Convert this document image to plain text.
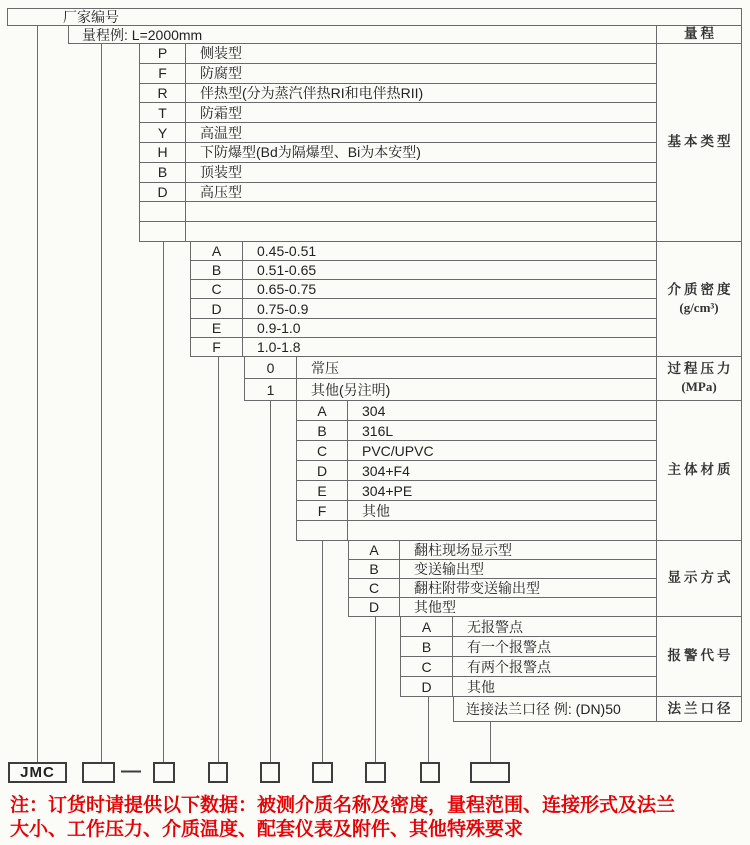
厂家编号
量程例: L=2000mm	量程
P	侧装型
F	防腐型
R	伴热型(分为蒸汽伴热RI和电伴热RII)
T	防霜型
Y	高温型
H	下防爆型(Bd为隔爆型、Bi为本安型)
B	顶装型
D	高压型
基本类型
A	0.45-0.51
B	0.51-0.65
C	0.65-0.75
D	0.75-0.9
E	0.9-1.0
F	1.0-1.8
介质密度
(g/cm³)
0	常压
1	其他(另注明)
过程压力
(MPa)
A	304
B	316L
C	PVC/UPVC
D	304+F4
E	304+PE
F	其他
主体材质
A	翻柱现场显示型
B	变送输出型
C	翻柱附带变送输出型
D	其他型
显示方式
A	无报警点
B	有一个报警点
C	有两个报警点
D	其他
报警代号
连接法兰口径 例: (DN)50	法兰口径
JMC	—
注：订货时请提供以下数据：被测介质名称及密度，量程范围、连接形式及法兰
大小、工作压力、介质温度、配套仪表及附件、其他特殊要求
